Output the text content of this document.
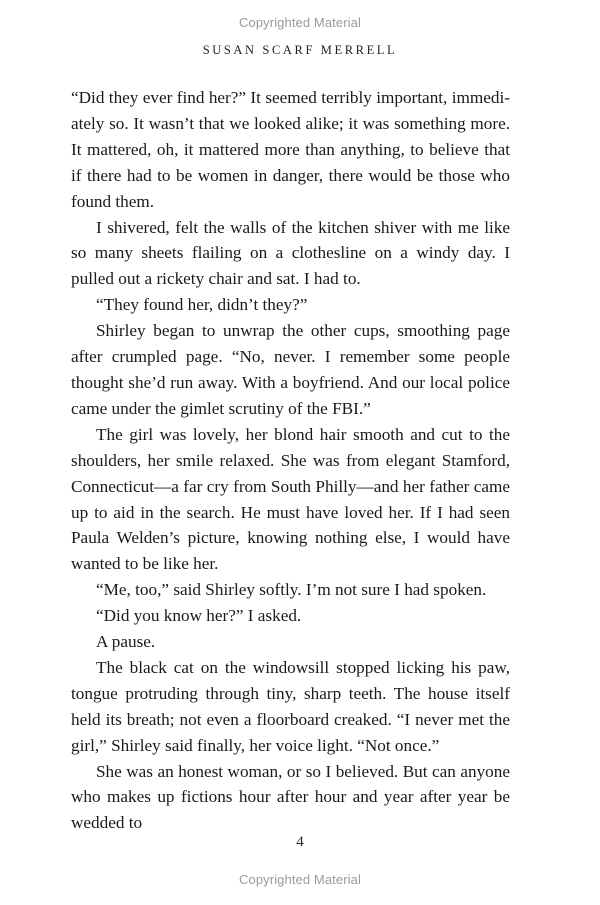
Copyrighted Material
SUSAN SCARF MERRELL

“Did they ever find her?” It seemed terribly important, immediately so. It wasn’t that we looked alike; it was something more. It mattered, oh, it mattered more than anything, to believe that if there had to be women in danger, there would be those who found them.

I shivered, felt the walls of the kitchen shiver with me like so many sheets flailing on a clothesline on a windy day. I pulled out a rickety chair and sat. I had to.

“They found her, didn’t they?”

Shirley began to unwrap the other cups, smoothing page after crumpled page. “No, never. I remember some people thought she’d run away. With a boyfriend. And our local police came under the gimlet scrutiny of the FBI.”

The girl was lovely, her blond hair smooth and cut to the shoulders, her smile relaxed. She was from elegant Stamford, Connecticut—a far cry from South Philly—and her father came up to aid in the search. He must have loved her. If I had seen Paula Welden’s picture, knowing nothing else, I would have wanted to be like her.

“Me, too,” said Shirley softly. I’m not sure I had spoken.

“Did you know her?” I asked.

A pause.

The black cat on the windowsill stopped licking his paw, tongue protruding through tiny, sharp teeth. The house itself held its breath; not even a floorboard creaked. “I never met the girl,” Shirley said finally, her voice light. “Not once.”

She was an honest woman, or so I believed. But can anyone who makes up fictions hour after hour and year after year be wedded to

4
Copyrighted Material
